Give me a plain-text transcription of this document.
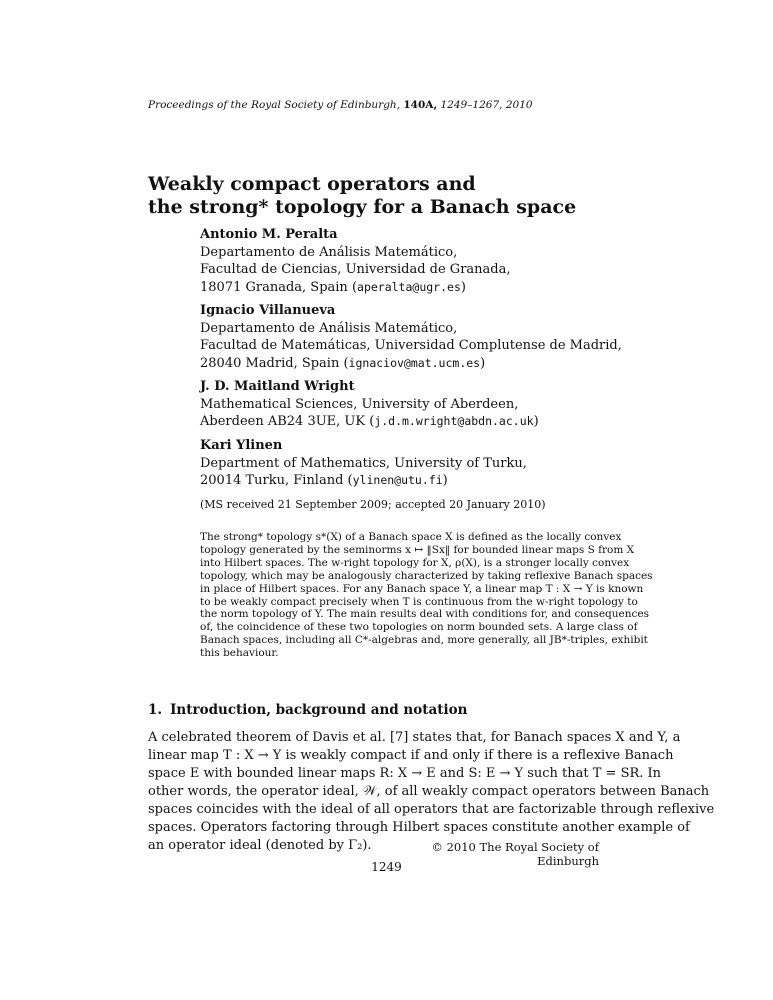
Proceedings of the Royal Society of Edinburgh, 140A, 1249–1267, 2010
Weakly compact operators and
the strong* topology for a Banach space
Antonio M. Peralta
Departamento de Análisis Matemático,
Facultad de Ciencias, Universidad de Granada,
18071 Granada, Spain (aperalta@ugr.es)
Ignacio Villanueva
Departamento de Análisis Matemático,
Facultad de Matemáticas, Universidad Complutense de Madrid,
28040 Madrid, Spain (ignaciov@mat.ucm.es)
J. D. Maitland Wright
Mathematical Sciences, University of Aberdeen,
Aberdeen AB24 3UE, UK (j.d.m.wright@abdn.ac.uk)
Kari Ylinen
Department of Mathematics, University of Turku,
20014 Turku, Finland (ylinen@utu.fi)
(MS received 21 September 2009; accepted 20 January 2010)
The strong* topology s*(X) of a Banach space X is defined as the locally convex
topology generated by the seminorms x ↦ ‖Sx‖ for bounded linear maps S from X
into Hilbert spaces. The w-right topology for X, ρ(X), is a stronger locally convex
topology, which may be analogously characterized by taking reflexive Banach spaces
in place of Hilbert spaces. For any Banach space Y, a linear map T : X → Y is known
to be weakly compact precisely when T is continuous from the w-right topology to
the norm topology of Y. The main results deal with conditions for, and consequences
of, the coincidence of these two topologies on norm bounded sets. A large class of
Banach spaces, including all C*-algebras and, more generally, all JB*-triples, exhibit
this behaviour.
1. Introduction, background and notation
A celebrated theorem of Davis et al. [7] states that, for Banach spaces X and Y, a
linear map T : X → Y is weakly compact if and only if there is a reflexive Banach
space E with bounded linear maps R: X → E and S: E → Y such that T = SR. In
other words, the operator ideal, 𝒲, of all weakly compact operators between Banach
spaces coincides with the ideal of all operators that are factorizable through reflexive
spaces. Operators factoring through Hilbert spaces constitute another example of
an operator ideal (denoted by Γ₂).	© 2010 The Royal Society of Edinburgh
1249
